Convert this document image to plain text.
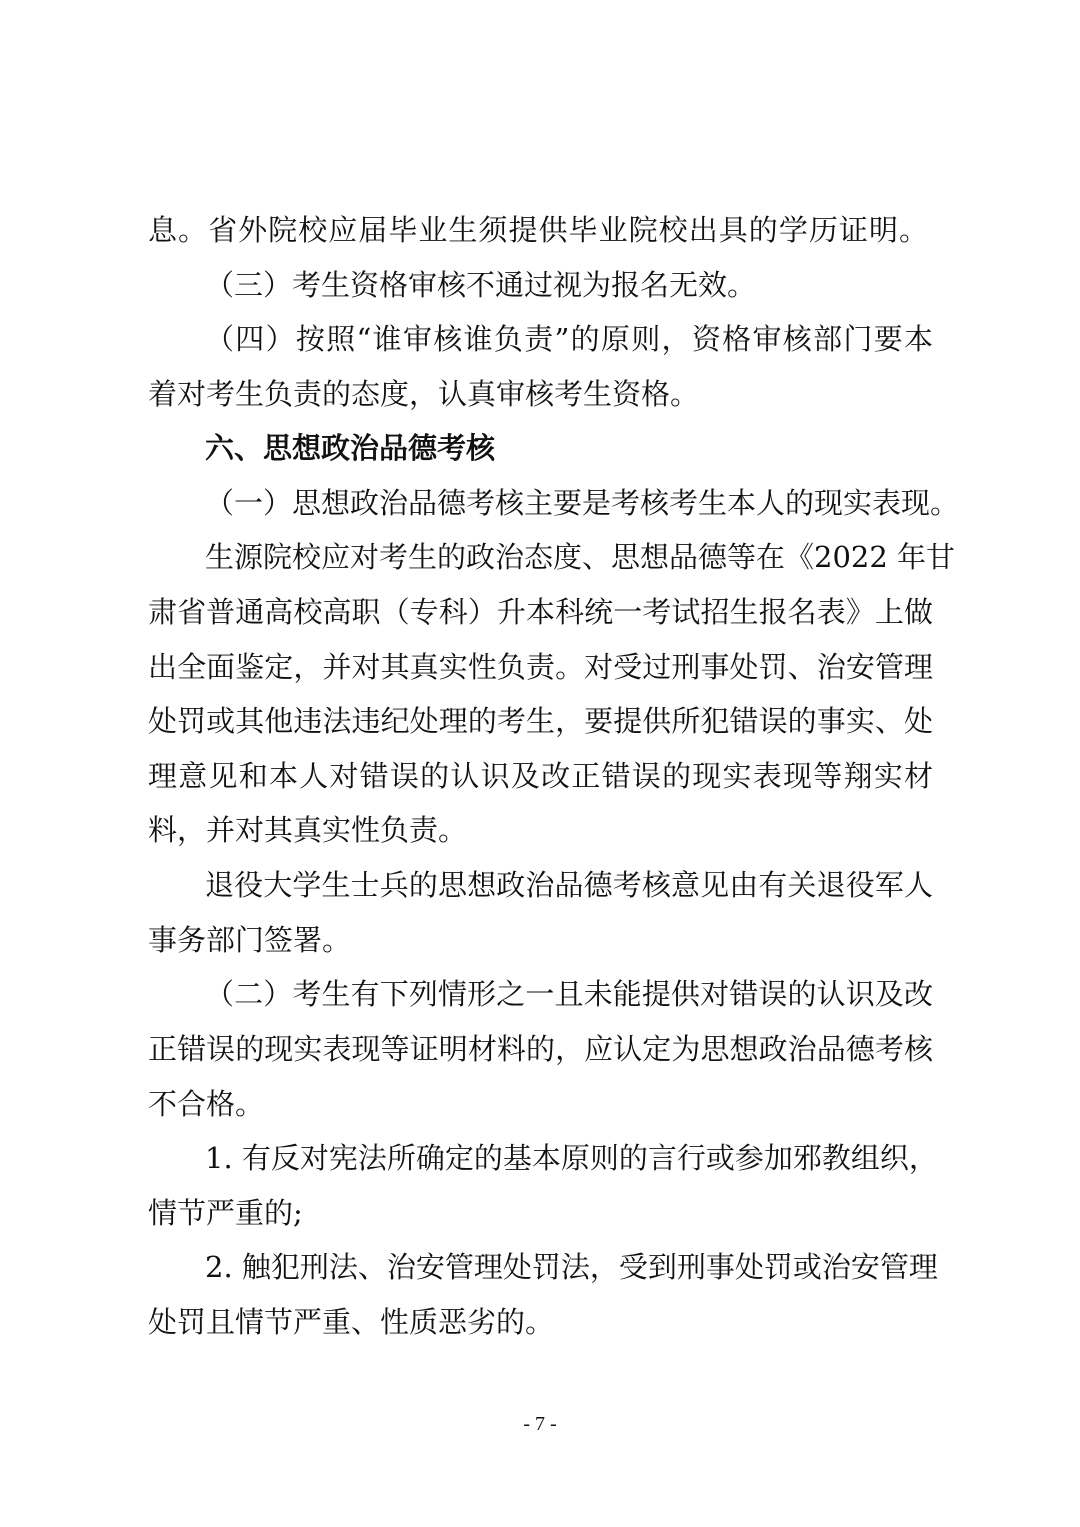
息。省外院校应届毕业生须提供毕业院校出具的学历证明。
（三）考生资格审核不通过视为报名无效。
（四）按照“谁审核谁负责”的原则，资格审核部门要本
着对考生负责的态度，认真审核考生资格。
六、思想政治品德考核
（一）思想政治品德考核主要是考核考生本人的现实表现。
生源院校应对考生的政治态度、思想品德等在《2022 年甘
肃省普通高校高职（专科）升本科统一考试招生报名表》上做
出全面鉴定，并对其真实性负责。对受过刑事处罚、治安管理
处罚或其他违法违纪处理的考生，要提供所犯错误的事实、处
理意见和本人对错误的认识及改正错误的现实表现等翔实材
料，并对其真实性负责。
退役大学生士兵的思想政治品德考核意见由有关退役军人
事务部门签署。
（二）考生有下列情形之一且未能提供对错误的认识及改
正错误的现实表现等证明材料的，应认定为思想政治品德考核
不合格。
1. 有反对宪法所确定的基本原则的言行或参加邪教组织，
情节严重的;
2. 触犯刑法、治安管理处罚法，受到刑事处罚或治安管理
处罚且情节严重、性质恶劣的。
- 7 -
